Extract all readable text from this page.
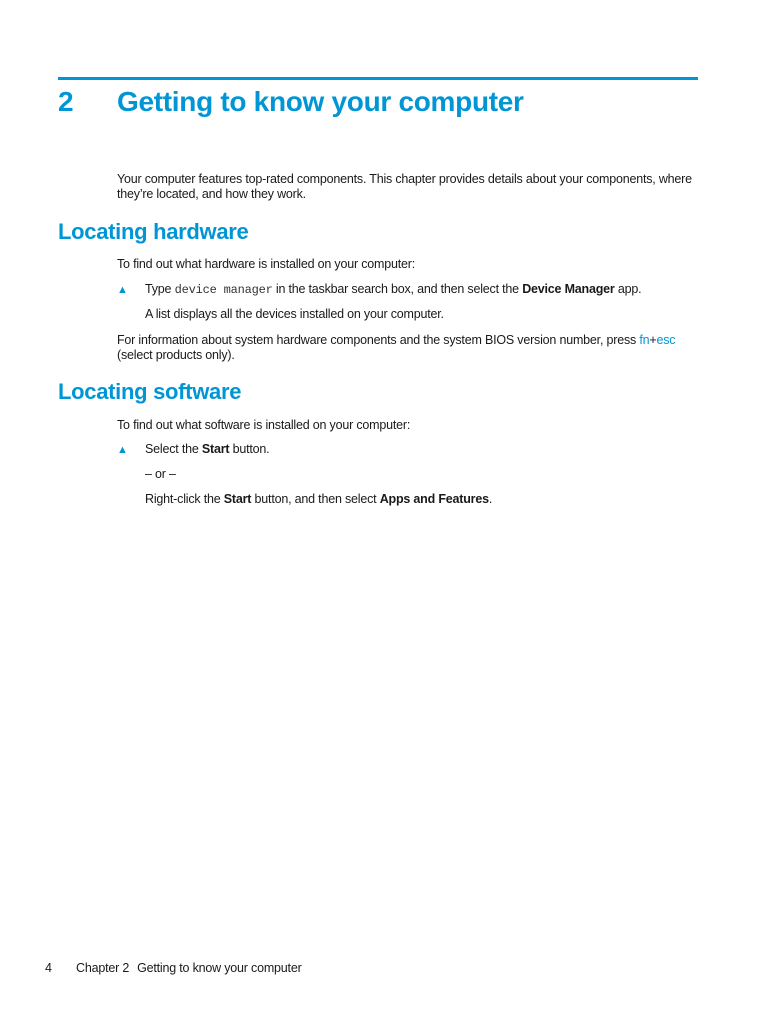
2 Getting to know your computer

Your computer features top-rated components. This chapter provides details about your components, where they’re located, and how they work.

Locating hardware

To find out what hardware is installed on your computer:

▲ Type device manager in the taskbar search box, and then select the Device Manager app.

A list displays all the devices installed on your computer.

For information about system hardware components and the system BIOS version number, press fn+esc
(select products only).

Locating software

To find out what software is installed on your computer:

▲ Select the Start button.

– or –

Right-click the Start button, and then select Apps and Features.

4 Chapter 2 Getting to know your computer
